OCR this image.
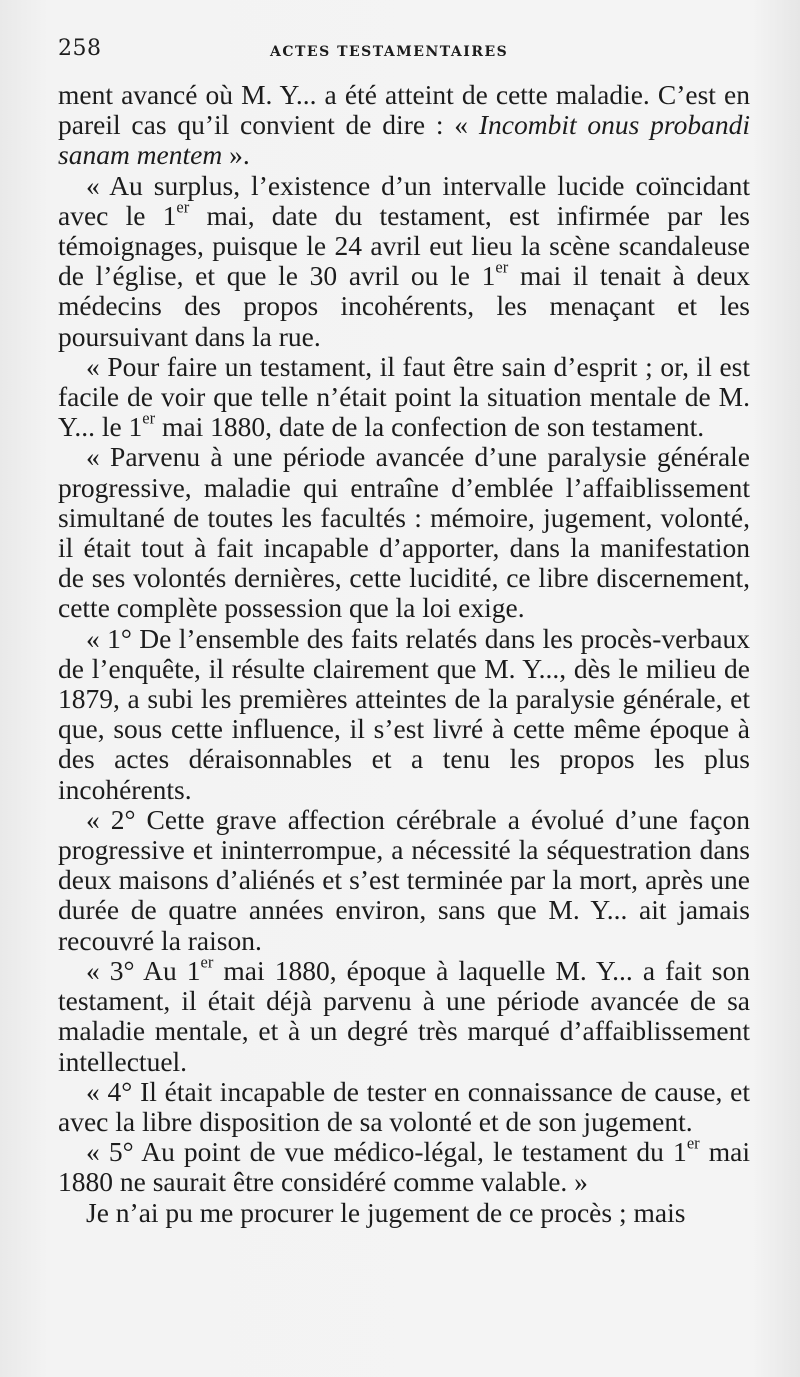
258	ACTES TESTAMENTAIRES

ment avancé où M. Y... a été atteint de cette maladie. C’est en pareil cas qu’il convient de dire : « Incombit onus probandi sanam mentem ».

« Au surplus, l’existence d’un intervalle lucide coïncidant avec le 1er mai, date du testament, est infirmée par les témoignages, puisque le 24 avril eut lieu la scène scandaleuse de l’église, et que le 30 avril ou le 1er mai il tenait à deux médecins des propos incohérents, les menaçant et les poursuivant dans la rue.

« Pour faire un testament, il faut être sain d’esprit ; or, il est facile de voir que telle n’était point la situation mentale de M. Y... le 1er mai 1880, date de la confection de son testament.

« Parvenu à une période avancée d’une paralysie générale progressive, maladie qui entraîne d’emblée l’affaiblissement simultané de toutes les facultés : mémoire, jugement, volonté, il était tout à fait incapable d’apporter, dans la manifestation de ses volontés dernières, cette lucidité, ce libre discernement, cette complète possession que la loi exige.

« 1° De l’ensemble des faits relatés dans les procès-verbaux de l’enquête, il résulte clairement que M. Y..., dès le milieu de 1879, a subi les premières atteintes de la paralysie générale, et que, sous cette influence, il s’est livré à cette même époque à des actes déraisonnables et a tenu les propos les plus incohérents.

« 2° Cette grave affection cérébrale a évolué d’une façon progressive et ininterrompue, a nécessité la séquestration dans deux maisons d’aliénés et s’est terminée par la mort, après une durée de quatre années environ, sans que M. Y... ait jamais recouvré la raison.

« 3° Au 1er mai 1880, époque à laquelle M. Y... a fait son testament, il était déjà parvenu à une période avancée de sa maladie mentale, et à un degré très marqué d’affaiblissement intellectuel.

« 4° Il était incapable de tester en connaissance de cause, et avec la libre disposition de sa volonté et de son jugement.

« 5° Au point de vue médico-légal, le testament du 1er mai 1880 ne saurait être considéré comme valable. »

Je n’ai pu me procurer le jugement de ce procès ; mais
